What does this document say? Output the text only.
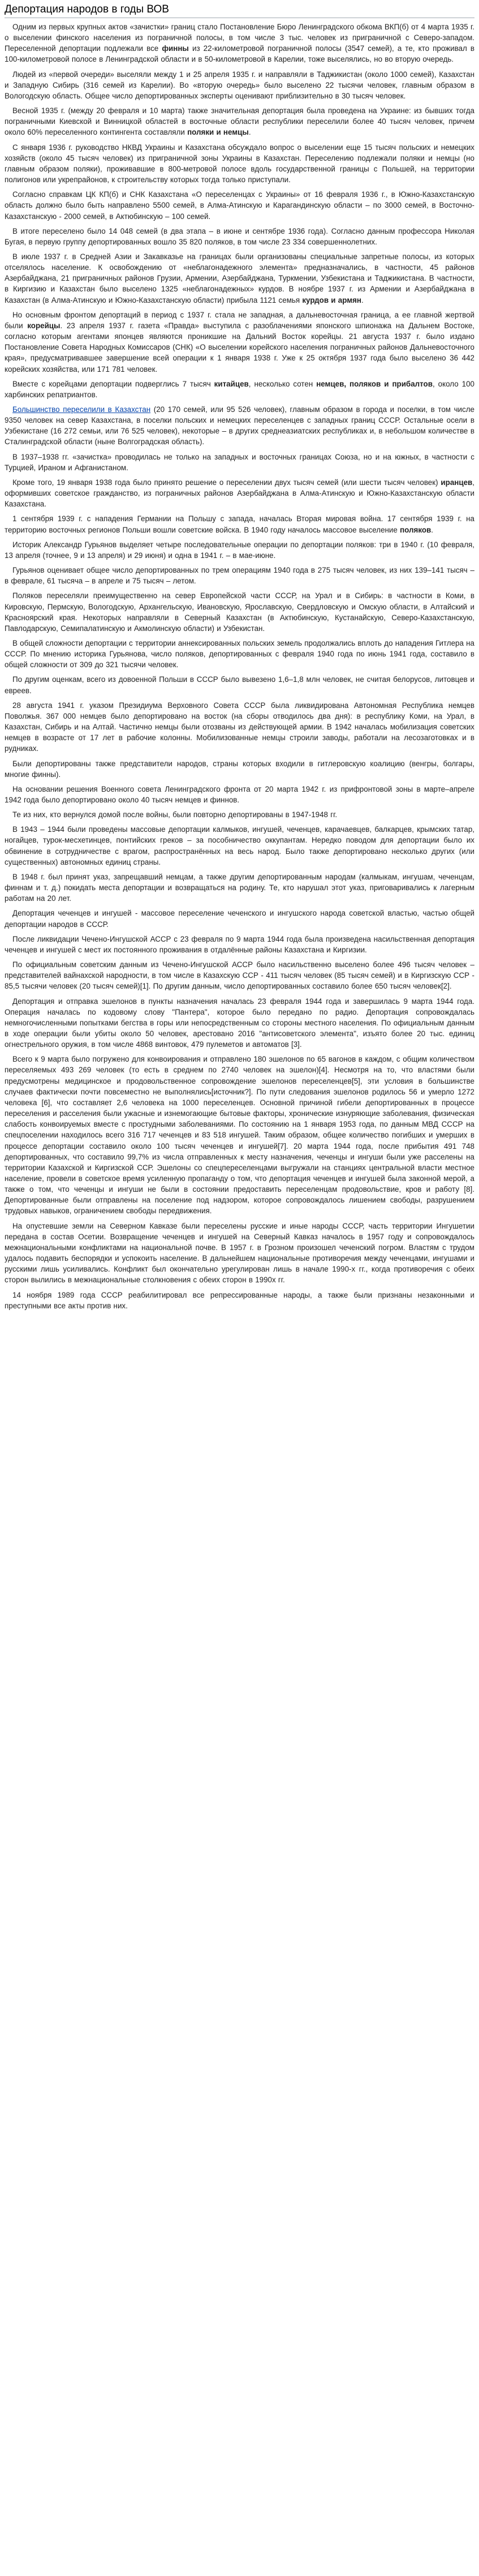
Депортация народов в годы ВОВ

Одним из первых крупных актов «зачистки» границ стало Постановление Бюро Ленинградского обкома ВКП(б) от 4 марта 1935 г. о выселении финского населения из пограничной полосы, в том числе 3 тыс. человек из приграничной с Северо-западом. Переселенной депортации подлежали все финны из 22-километровой пограничной полосы (3547 семей), а те, кто проживал в 100-километровой полосе в Ленинградской области и в 50-километровой в Карелии, тоже выселялись, но во вторую очередь.

Людей из «первой очереди» выселяли между 1 и 25 апреля 1935 г. и направляли в Таджикистан (около 1000 семей), Казахстан и Западную Сибирь (316 семей из Карелии). Во «вторую очередь» было выселено 22 тысячи человек, главным образом в Вологодскую область. Общее число депортированных эксперты оценивают приблизительно в 30 тысяч человек.

Весной 1935 г. (между 20 февраля и 10 марта) также значительная депортация была проведена на Украине: из бывших тогда пограничными Киевской и Винницкой областей в восточные области республики переселили более 40 тысяч человек, причем около 60% переселенного контингента составляли поляки и немцы.

С января 1936 г. руководство НКВД Украины и Казахстана обсуждало вопрос о выселении еще 15 тысяч польских и немецких хозяйств (около 45 тысяч человек) из приграничной зоны Украины в Казахстан. Переселению подлежали поляки и немцы (но главным образом поляки), проживавшие в 800-метровой полосе вдоль государственной границы с Польшей, на территории полигонов или укрепрайонов, к строительству которых тогда только приступали.

Согласно справкам ЦК КП(б) и СНК Казахстана «О переселенцах с Украины» от 16 февраля 1936 г., в Южно-Казахстанскую область должно было быть направлено 5500 семей, в Алма-Атинскую и Карагандинскую области – по 3000 семей, в Восточно-Казахстанскую - 2000 семей, в Актюбинскую – 100 семей.

В итоге переселено было 14 048 семей (в два этапа – в июне и сентябре 1936 года). Согласно данным профессора Николая Бугая, в первую группу депортированных вошло 35 820 поляков, в том числе 23 334 совершеннолетних.

В июле 1937 г. в Средней Азии и Закавказье на границах были организованы специальные запретные полосы, из которых отселялось население. К освобождению от «неблагонадежного элемента» предназначались, в частности, 45 районов Азербайджана, 21 приграничных районов Грузии, Армении, Азербайджана, Туркмении, Узбекистана и Таджикистана. В частности, в Киргизию и Казахстан было выселено 1325 «неблагонадежных» курдов. В ноябре 1937 г. из Армении и Азербайджана в Казахстан (в Алма-Атинскую и Южно-Казахстанскую области) прибыла 1121 семья курдов и армян.

Но основным фронтом депортаций в период с 1937 г. стала не западная, а дальневосточная граница, а ее главной жертвой были корейцы. 23 апреля 1937 г. газета «Правда» выступила с разоблачениями японского шпионажа на Дальнем Востоке, согласно которым агентами японцев являются проникшие на Дальний Восток корейцы. 21 августа 1937 г. было издано Постановление Совета Народных Комиссаров (СНК) «О выселении корейского населения пограничных районов Дальневосточного края», предусматривавшее завершение всей операции к 1 января 1938 г. Уже к 25 октября 1937 года было выселено 36 442 корейских хозяйства, или 171 781 человек.

Вместе с корейцами депортации подверглись 7 тысяч китайцев, несколько сотен немцев, поляков и прибалтов, около 100 харбинских репатриантов.

Большинство переселили в Казахстан (20 170 семей, или 95 526 человек), главным образом в города и поселки, в том числе 9350 человек на север Казахстана, в поселки польских и немецких переселенцев с западных границ СССР. Остальные осели в Узбекистане (16 272 семьи, или 76 525 человек), некоторые – в других среднеазиатских республиках и, в небольшом количестве в Сталинградской области (ныне Волгоградская область).

В 1937–1938 гг. «зачистка» проводилась не только на западных и восточных границах Союза, но и на южных, в частности с Турцией, Ираном и Афганистаном.

Кроме того, 19 января 1938 года было принято решение о переселении двух тысяч семей (или шести тысяч человек) иранцев, оформивших советское гражданство, из пограничных районов Азербайджана в Алма-Атинскую и Южно-Казахстанскую области Казахстана.

1 сентября 1939 г. с нападения Германии на Польшу с запада, началась Вторая мировая война. 17 сентября 1939 г. на территорию восточных регионов Польши вошли советские войска. В 1940 году началось массовое выселение поляков.

Историк Александр Гурьянов выделяет четыре последовательные операции по депортации поляков: три в 1940 г. (10 февраля, 13 апреля (точнее, 9 и 13 апреля) и 29 июня) и одна в 1941 г. – в мае-июне.

Гурьянов оценивает общее число депортированных по трем операциям 1940 года в 275 тысяч человек, из них 139–141 тысяч – в феврале, 61 тысяча – в апреле и 75 тысяч – летом.

Поляков переселяли преимущественно на север Европейской части СССР, на Урал и в Сибирь: в частности в Коми, в Кировскую, Пермскую, Вологодскую, Архангельскую, Ивановскую, Ярославскую, Свердловскую и Омскую области, в Алтайский и Красноярский края. Некоторых направляли в Северный Казахстан (в Актюбинскую, Кустанайскую, Северо-Казахстанскую, Павлодарскую, Семипалатинскую и Акмолинскую области) и Узбекистан.

В общей сложности депортации с территории аннексированных польских земель продолжались вплоть до нападения Гитлера на СССР. По мнению историка Гурьянова, число поляков, депортированных с февраля 1940 года по июнь 1941 года, составило в общей сложности от 309 до 321 тысячи человек.

По другим оценкам, всего из довоенной Польши в СССР было вывезено 1,6–1,8 млн человек, не считая белорусов, литовцев и евреев.

28 августа 1941 г. указом Президиума Верховного Совета СССР была ликвидирована Автономная Республика немцев Поволжья. 367 000 немцев было депортировано на восток (на сборы отводилось два дня): в республику Коми, на Урал, в Казахстан, Сибирь и на Алтай. Частично немцы были отозваны из действующей армии. В 1942 началась мобилизация советских немцев в возрасте от 17 лет в рабочие колонны. Мобилизованные немцы строили заводы, работали на лесозаготовках и в рудниках.

Были депортированы также представители народов, страны которых входили в гитлеровскую коалицию (венгры, болгары, многие финны).

На основании решения Военного совета Ленинградского фронта от 20 марта 1942 г. из прифронтовой зоны в марте–апреле 1942 года было депортировано около 40 тысяч немцев и финнов.

Те из них, кто вернулся домой после войны, были повторно депортированы в 1947-1948 гг.

В 1943 – 1944 были проведены массовые депортации калмыков, ингушей, чеченцев, карачаевцев, балкарцев, крымских татар, ногайцев, турок-месхетинцев, понтийских греков – за пособничество оккупантам. Нередко поводом для депортации было их обвинение в сотрудничестве с врагом, распространённых на весь народ. Было также депортировано несколько других (или существенных) автономных единиц страны.

В 1948 г. был принят указ, запрещавший немцам, а также другим депортированным народам (калмыкам, ингушам, чеченцам, финнам и т. д.) покидать места депортации и возвращаться на родину. Те, кто нарушал этот указ, приговаривались к лагерным работам на 20 лет.

Депортация чеченцев и ингушей - массовое переселение чеченского и ингушского народа советской властью, частью общей депортации народов в СССР.

После ликвидации Чечено-Ингушской АССР с 23 февраля по 9 марта 1944 года была произведена насильственная депортация чеченцев и ингушей с мест их постоянного проживания в отдалённые районы Казахстана и Киргизии.

По официальным советским данным из Чечено-Ингушской АССР было насильственно выселено более 496 тысяч человек – представителей вайнахской народности, в том числе в Казахскую ССР - 411 тысяч человек (85 тысяч семей) и в Киргизскую ССР - 85,5 тысячи человек (20 тысяч семей)[1]. По другим данным, число депортированных составило более 650 тысяч человек[2].

Депортация и отправка эшелонов в пункты назначения началась 23 февраля 1944 года и завершилась 9 марта 1944 года. Операция началась по кодовому слову "Пантера", которое было передано по радио. Депортация сопровождалась немногочисленными попытками бегства в горы или непосредственным со стороны местного населения. По официальным данным в ходе операции были убиты около 50 человек, арестовано 2016 "антисоветского элемента", изъято более 20 тыс. единиц огнестрельного оружия, в том числе 4868 винтовок, 479 пулеметов и автоматов [3].

Всего к 9 марта было погружено для конвоирования и отправлено 180 эшелонов по 65 вагонов в каждом, с общим количеством переселяемых 493 269 человек (то есть в среднем по 2740 человек на эшелон)[4]. Несмотря на то, что властями были предусмотрены медицинское и продовольственное сопровождение эшелонов переселенцев[5], эти условия в большинстве случаев фактически почти повсеместно не выполнялись[источник?]. По пути следования эшелонов родилось 56 и умерло 1272 человека [6], что составляет 2,6 человека на 1000 переселенцев. Основной причиной гибели депортированных в процессе переселения и расселения были ужасные и изнемогающие бытовые факторы, хронические изнуряющие заболевания, физическая слабость конвоируемых вместе с простудными заболеваниями. По состоянию на 1 января 1953 года, по данным МВД СССР на спецпоселении находилось всего 316 717 чеченцев и 83 518 ингушей. Таким образом, общее количество погибших и умерших в процессе депортации составило около 100 тысяч чеченцев и ингушей[7]. 20 марта 1944 года, после прибытия 491 748 депортированных, что составило 99,7% из числа отправленных к месту назначения, чеченцы и ингуши были уже расселены на территории Казахской и Киргизской ССР. Эшелоны со спецпереселенцами выгружали на станциях центральной власти местное население, провели в советское время усиленную пропаганду о том, что депортация чеченцев и ингушей была законной мерой, а также о том, что чеченцы и ингуши не были в состоянии предоставить переселенцам продовольствие, кров и работу [8]. Депортированные были отправлены на поселение под надзором, которое сопровождалось лишением свободы, разрушением трудовых навыков, ограничением свободы передвижения.

На опустевшие земли на Северном Кавказе были переселены русские и иные народы СССР, часть территории Ингушетии передана в состав Осетии. Возвращение чеченцев и ингушей на Северный Кавказ началось в 1957 году и сопровождалось межнациональными конфликтами на национальной почве. В 1957 г. в Грозном произошел чеченский погром. Властям с трудом удалось подавить беспорядки и успокоить население. В дальнейшем национальные противоречия между чеченцами, ингушами и русскими лишь усиливались. Конфликт был окончательно урегулирован лишь в начале 1990-х гг., когда противоречия с обеих сторон вылились в межнациональные столкновения с обеих сторон в 1990х гг.

14 ноября 1989 года СССР реабилитировал все репрессированные народы, а также были признаны незаконными и преступными все акты против них.
